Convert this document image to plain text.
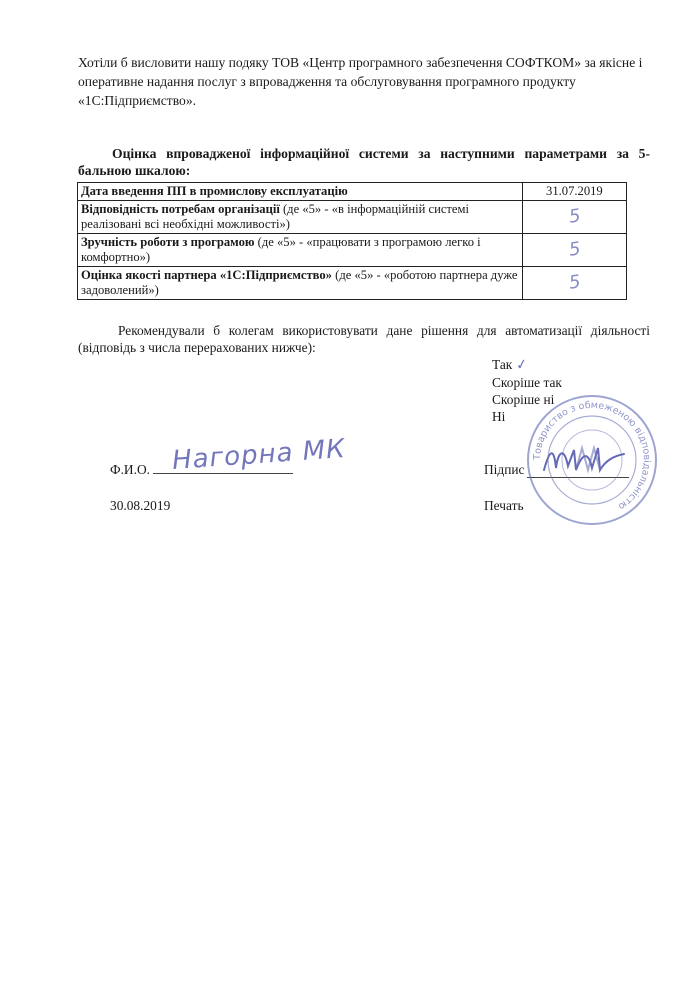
Хотіли б висловити нашу подяку ТОВ «Центр програмного забезпечення СОФТКОМ» за якісне і оперативне надання послуг з впровадження та обслуговування програмного продукту «1С:Підприємство».
Оцінка впровадженої інформаційної системи за наступними параметрами за 5-бальною шкалою:
Дата введення ПП в промислову експлуатацію	31.07.2019
Відповідність потребам організації (де «5» - «в інформаційній системі реалізовані всі необхідні можливості»)	5
Зручність роботи з програмою (де «5» - «працювати з програмою легко і комфортно»)	5
Оцінка якості партнера «1С:Підприємство» (де «5» - «роботою партнера дуже задоволений»)	5
Рекомендували б колегам використовувати дане рішення для автоматизації діяльності (відповідь з числа перерахованих нижче):
Так ✓
Скоріше так
Скоріше ні
Ні
Ф.И.О. Нагорна МК	Підпис
30.08.2019	Печать
Товариство з обмеженою відповідальністю
